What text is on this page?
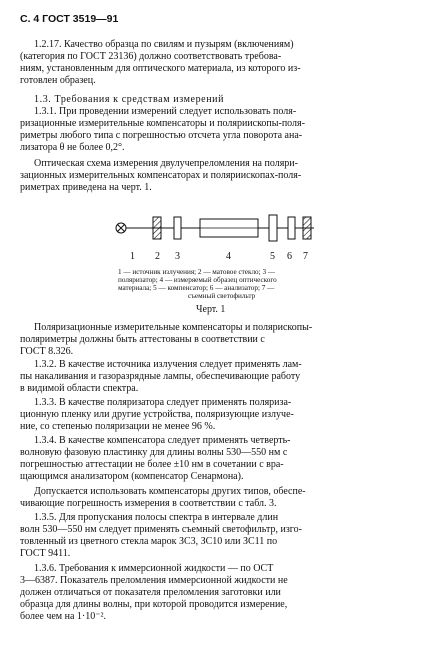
С. 4 ГОСТ 3519—91
1.2.17. Качество образца по свилям и пузырям (включениям)
(категория по ГОСТ 23136) должно соответствовать требова-
ниям, установленным для оптического материала, из которого из-
готовлен образец.
1.3. Требования к средствам измерений
1.3.1. При проведении измерений следует использовать поля-
ризационные измерительные компенсаторы и поляриископы-поля-
риметры любого типа с погрешностью отсчета угла поворота ана-
лизатора θ не более 0,2°.
Оптическая схема измерения двулучепреломления на поляри-
зационных измерительных компенсаторах и поляриископах-поля-
риметрах приведена на черт. 1.
1 2 3	4	5 6 7
1 — источник излучения; 2 — матовое стекло; 3 —
поляризатор; 4 — измеряемый образец оптического
материала; 5 — компенсатор; 6 — анализатор; 7 —
съемный светофильтр
Черт. 1
Поляризационные измерительные компенсаторы и полярископы-
поляриметры должны быть аттестованы в соответствии с
ГОСТ 8.326.
1.3.2. В качестве источника излучения следует применять лам-
пы накаливания и газоразрядные лампы, обеспечивающие работу
в видимой области спектра.
1.3.3. В качестве поляризатора следует применять поляриза-
ционную пленку или другие устройства, поляризующие излуче-
ние, со степенью поляризации не менее 96 %.
1.3.4. В качестве компенсатора следует применять четверть-
волновую фазовую пластинку для длины волны 530—550 нм с
погрешностью аттестации не более ±10 нм в сочетании с вра-
щающимся анализатором (компенсатор Сенармона).
Допускается использовать компенсаторы других типов, обеспе-
чивающие погрешность измерения в соответствии с табл. 3.
1.3.5. Для пропускания полосы спектра в интервале длин
волн 530—550 нм следует применять съемный светофильтр, изго-
товленный из цветного стекла марок ЗС3, ЗС10 или ЗС11 по
ГОСТ 9411.
1.3.6. Требования к иммерсионной жидкости — по ОСТ
3—6387. Показатель преломления иммерсионной жидкости не
должен отличаться от показателя преломления заготовки или
образца для длины волны, при которой проводится измерение,
более чем на 1·10⁻².
